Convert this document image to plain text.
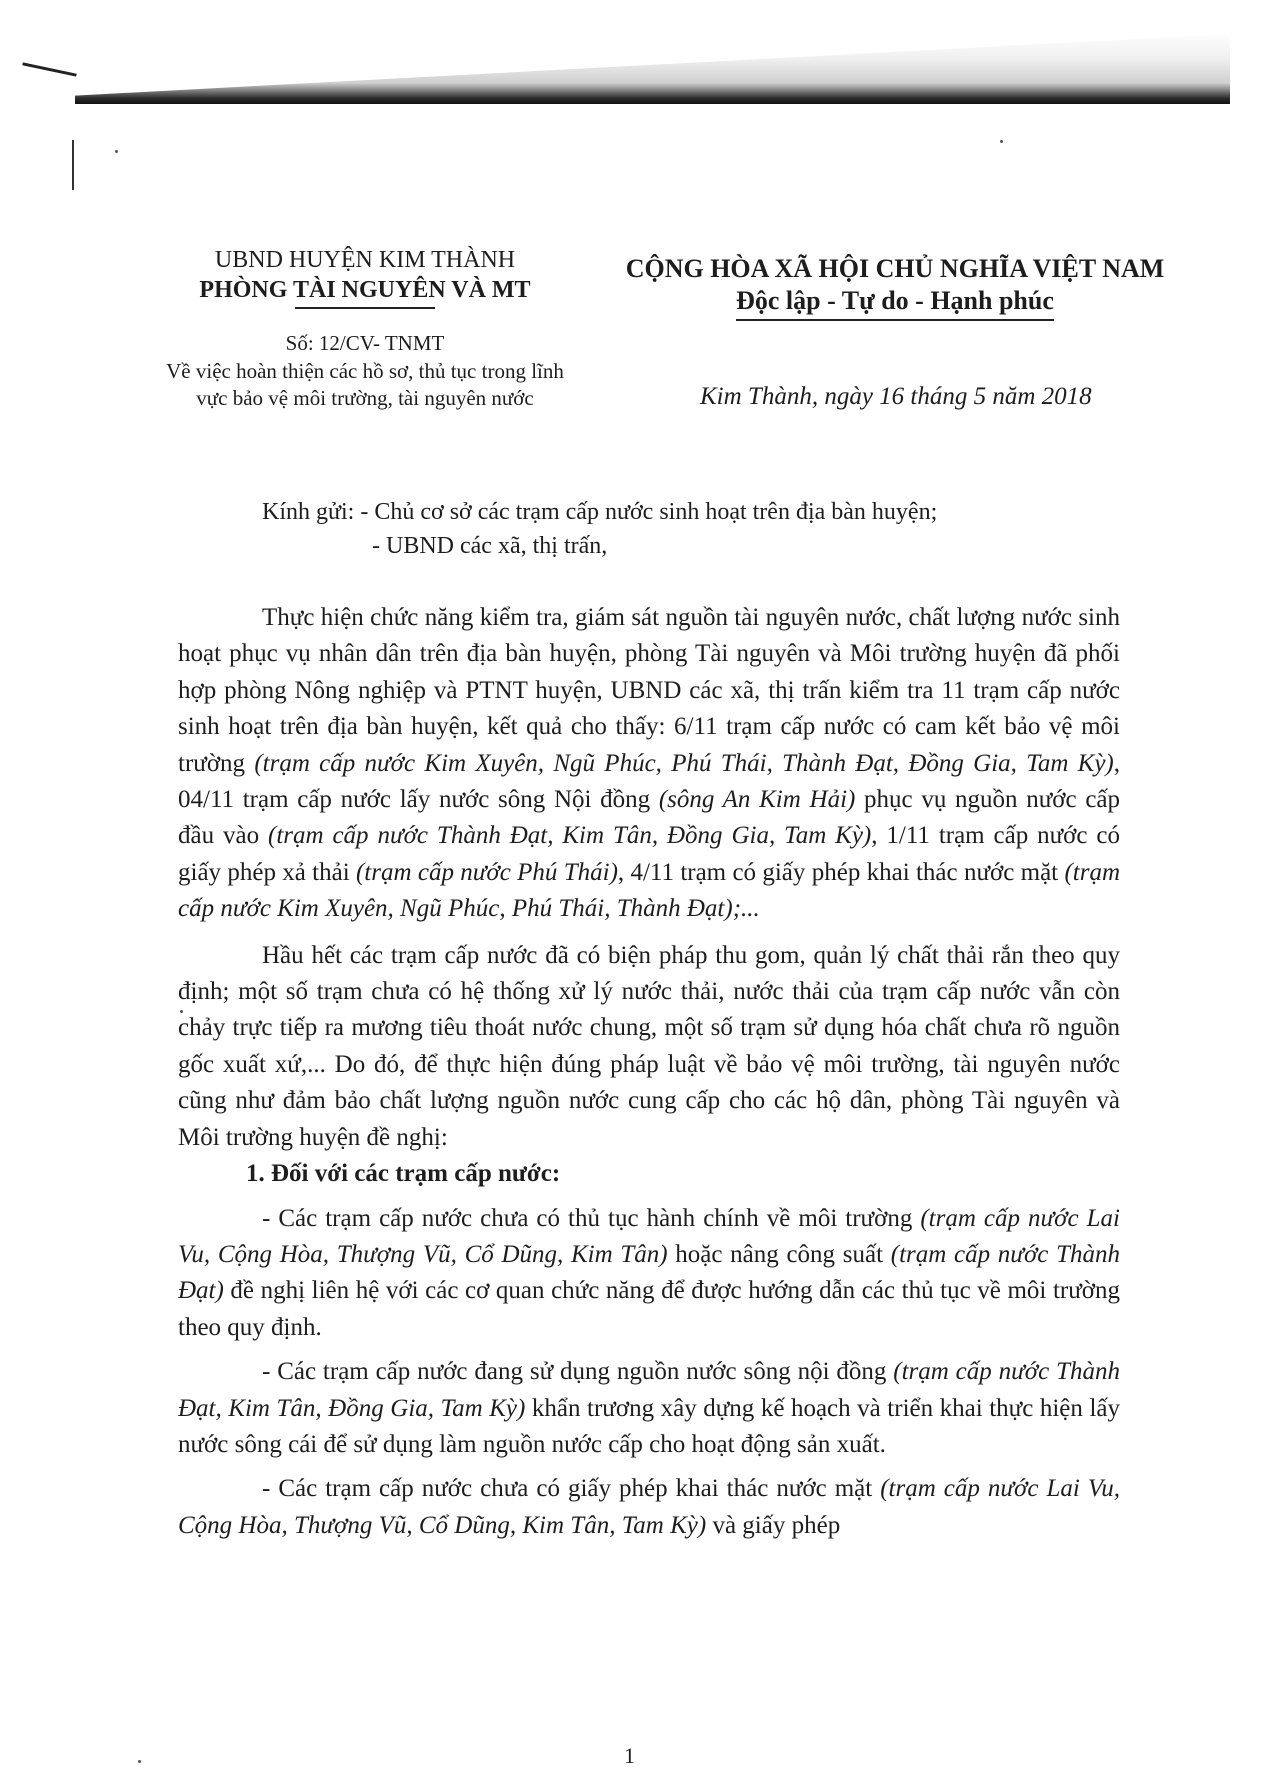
UBND HUYỆN KIM THÀNH
PHÒNG TÀI NGUYÊN VÀ MT
CỘNG HÒA XÃ HỘI CHỦ NGHĨA VIỆT NAM
Độc lập - Tự do - Hạnh phúc
Số: 12/CV- TNMT
Về việc hoàn thiện các hồ sơ, thủ tục trong lĩnh vực bảo vệ môi trường, tài nguyên nước	Kim Thành, ngày 16 tháng 5 năm 2018
Kính gửi: - Chủ cơ sở các trạm cấp nước sinh hoạt trên địa bàn huyện;
- UBND các xã, thị trấn,

Thực hiện chức năng kiểm tra, giám sát nguồn tài nguyên nước, chất lượng nước sinh hoạt phục vụ nhân dân trên địa bàn huyện, phòng Tài nguyên và Môi trường huyện đã phối hợp phòng Nông nghiệp và PTNT huyện, UBND các xã, thị trấn kiểm tra 11 trạm cấp nước sinh hoạt trên địa bàn huyện, kết quả cho thấy: 6/11 trạm cấp nước có cam kết bảo vệ môi trường (trạm cấp nước Kim Xuyên, Ngũ Phúc, Phú Thái, Thành Đạt, Đồng Gia, Tam Kỳ), 04/11 trạm cấp nước lấy nước sông Nội đồng (sông An Kim Hải) phục vụ nguồn nước cấp đầu vào (trạm cấp nước Thành Đạt, Kim Tân, Đồng Gia, Tam Kỳ), 1/11 trạm cấp nước có giấy phép xả thải (trạm cấp nước Phú Thái), 4/11 trạm có giấy phép khai thác nước mặt (trạm cấp nước Kim Xuyên, Ngũ Phúc, Phú Thái, Thành Đạt);...

Hầu hết các trạm cấp nước đã có biện pháp thu gom, quản lý chất thải rắn theo quy định; một số trạm chưa có hệ thống xử lý nước thải, nước thải của trạm cấp nước vẫn còn chảy trực tiếp ra mương tiêu thoát nước chung, một số trạm sử dụng hóa chất chưa rõ nguồn gốc xuất xứ,... Do đó, để thực hiện đúng pháp luật về bảo vệ môi trường, tài nguyên nước cũng như đảm bảo chất lượng nguồn nước cung cấp cho các hộ dân, phòng Tài nguyên và Môi trường huyện đề nghị:

1. Đối với các trạm cấp nước:

- Các trạm cấp nước chưa có thủ tục hành chính về môi trường (trạm cấp nước Lai Vu, Cộng Hòa, Thượng Vũ, Cổ Dũng, Kim Tân) hoặc nâng công suất (trạm cấp nước Thành Đạt) đề nghị liên hệ với các cơ quan chức năng để được hướng dẫn các thủ tục về môi trường theo quy định.

- Các trạm cấp nước đang sử dụng nguồn nước sông nội đồng (trạm cấp nước Thành Đạt, Kim Tân, Đồng Gia, Tam Kỳ) khẩn trương xây dựng kế hoạch và triển khai thực hiện lấy nước sông cái để sử dụng làm nguồn nước cấp cho hoạt động sản xuất.

- Các trạm cấp nước chưa có giấy phép khai thác nước mặt (trạm cấp nước Lai Vu, Cộng Hòa, Thượng Vũ, Cổ Dũng, Kim Tân, Tam Kỳ) và giấy phép

1
